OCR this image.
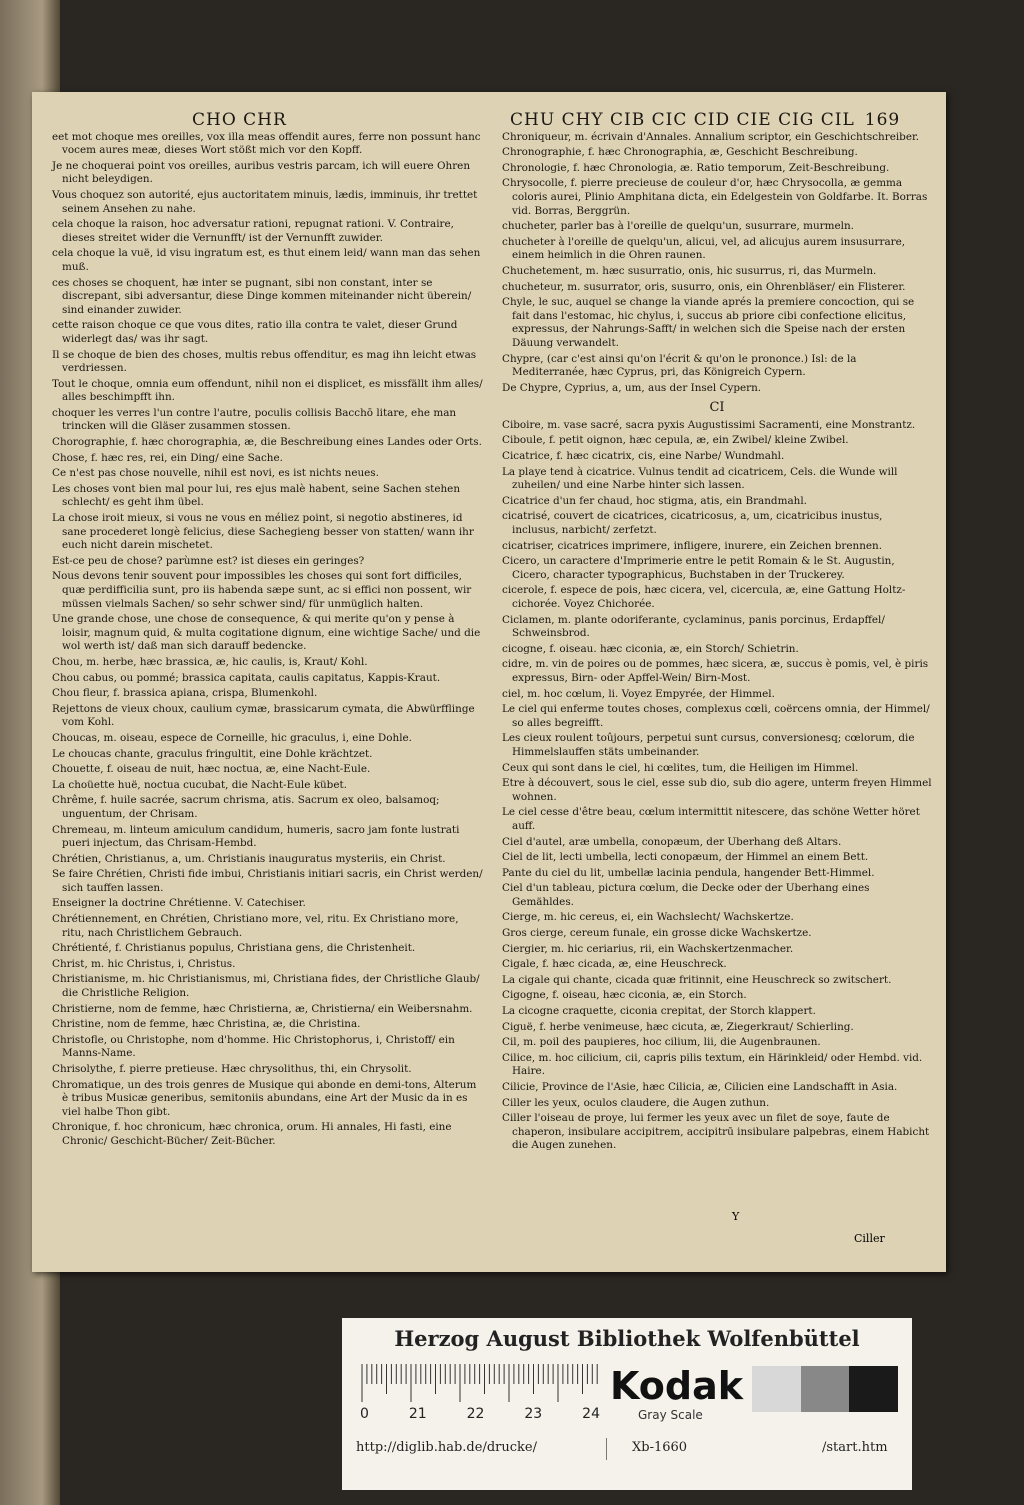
CHO CHR
eet mot choque mes oreilles, vox illa meas offendit aures, ferre non possunt hanc vocem aures meæ, dieses Wort stößt mich vor den Kopff.
Je ne choquerai point vos oreilles, auribus vestris parcam, ich will euere Ohren nicht beleydigen.
Vous choquez son autorité, ejus auctoritatem minuis, lædis, imminuis, ihr trettet seinem Ansehen zu nahe.
cela choque la raison, hoc adversatur rationi, repugnat rationi. V. Contraire, dieses streitet wider die Vernunfft/ ist der Vernunfft zuwider.
cela choque la vuë, id visu ingratum est, es thut einem leid/ wann man das sehen muß.
ces choses se choquent, hæ inter se pugnant, sibi non constant, inter se discrepant, sibi adversantur, diese Dinge kommen miteinander nicht überein/ sind einander zuwider.
cette raison choque ce que vous dites, ratio illa contra te valet, dieser Grund widerlegt das/ was ihr sagt.
Il se choque de bien des choses, multis rebus offenditur, es mag ihn leicht etwas verdriessen.
Tout le choque, omnia eum offendunt, nihil non ei displicet, es missfällt ihm alles/ alles beschimpfft ihn.
choquer les verres l'un contre l'autre, poculis collisis Bacchō litare, ehe man trincken will die Gläser zusammen stossen.
Chorographie, f. hæc chorographia, æ, die Beschreibung eines Landes oder Orts.
Chose, f. hæc res, rei, ein Ding/ eine Sache.
Ce n'est pas chose nouvelle, nihil est novi, es ist nichts neues.
Les choses vont bien mal pour lui, res ejus malè habent, seine Sachen stehen schlecht/ es geht ihm übel.
La chose iroit mieux, si vous ne vous en méliez point, si negotio abstineres, id sane procederet longè felicius, diese Sachegieng besser von statten/ wann ihr euch nicht darein mischetet.
Est-ce peu de chose? parùmne est? ist dieses ein geringes?
Nous devons tenir souvent pour impossibles les choses qui sont fort difficiles, quæ perdifficilia sunt, pro iis habenda sæpe sunt, ac si effici non possent, wir müssen vielmals Sachen/ so sehr schwer sind/ für unmüglich halten.
Une grande chose, une chose de consequence, & qui merite qu'on y pense à loisir, magnum quid, & multa cogitatione dignum, eine wichtige Sache/ und die wol werth ist/ daß man sich darauff bedencke.
Chou, m. herbe, hæc brassica, æ, hic caulis, is, Kraut/ Kohl.
Chou cabus, ou pommé; brassica capitata, caulis capitatus, Kappis-Kraut.
Chou fleur, f. brassica apiana, crispa, Blumenkohl.
Rejettons de vieux choux, caulium cymæ, brassicarum cymata, die Abwürfflinge vom Kohl.
Choucas, m. oiseau, espece de Corneille, hic graculus, i, eine Dohle.
Le choucas chante, graculus fringultit, eine Dohle krächtzet.
Chouette, f. oiseau de nuit, hæc noctua, æ, eine Nacht-Eule.
La choüette huë, noctua cucubat, die Nacht-Eule kübet.
Chrême, f. huile sacrée, sacrum chrisma, atis. Sacrum ex oleo, balsamoq; unguentum, der Chrisam.
Chremeau, m. linteum amiculum candidum, humeris, sacro jam fonte lustrati pueri injectum, das Chrisam-Hembd.
Chrétien, Christianus, a, um. Christianis inauguratus mysteriis, ein Christ.
Se faire Chrétien, Christi fide imbui, Christianis initiari sacris, ein Christ werden/ sich tauffen lassen.
Enseigner la doctrine Chrétienne. V. Catechiser.
Chrétiennement, en Chrétien, Christiano more, vel, ritu. Ex Christiano more, ritu, nach Christlichem Gebrauch.
Chrétienté, f. Christianus populus, Christiana gens, die Christenheit.
Christ, m. hic Christus, i, Christus.
Christianisme, m. hic Christianismus, mi, Christiana fides, der Christliche Glaub/ die Christliche Religion.
Christierne, nom de femme, hæc Christierna, æ, Christierna/ ein Weibersnahm.
Christine, nom de femme, hæc Christina, æ, die Christina.
Christofle, ou Christophe, nom d'homme. Hic Christophorus, i, Christoff/ ein Manns-Name.
Chrisolythe, f. pierre pretieuse. Hæc chrysolithus, thi, ein Chrysolit.
Chromatique, un des trois genres de Musique qui abonde en demi-tons, Alterum è tribus Musicæ generibus, semitoniis abundans, eine Art der Music da in es viel halbe Thon gibt.
Chronique, f. hoc chronicum, hæc chronica, orum. Hi annales, Hi fasti, eine Chronic/ Geschicht-Bücher/ Zeit-Bücher.
CHU CHY CIB CIC CID CIE CIG CIL 169
Chroniqueur, m. écrivain d'Annales. Annalium scriptor, ein Geschichtschreiber.
Chronographie, f. hæc Chronographia, æ, Geschicht Beschreibung.
Chronologie, f. hæc Chronologia, æ. Ratio temporum, Zeit-Beschreibung.
Chrysocolle, f. pierre precieuse de couleur d'or, hæc Chrysocolla, æ gemma coloris aurei, Plinio Amphitana dicta, ein Edelgestein von Goldfarbe. It. Borras vid. Borras, Berggrün.
chucheter, parler bas à l'oreille de quelqu'un, susurrare, murmeln.
chucheter à l'oreille de quelqu'un, alicui, vel, ad alicujus aurem insusurrare, einem heimlich in die Ohren raunen.
Chuchetement, m. hæc susurratio, onis, hic susurrus, ri, das Murmeln.
chucheteur, m. susurrator, oris, susurro, onis, ein Ohrenbläser/ ein Flisterer.
Chyle, le suc, auquel se change la viande aprés la premiere concoction, qui se fait dans l'estomac, hic chylus, i, succus ab priore cibi confectione elicitus, expressus, der Nahrungs-Safft/ in welchen sich die Speise nach der ersten Däuung verwandelt.
Chypre, (car c'est ainsi qu'on l'écrit & qu'on le prononce.) Isl: de la Mediterranée, hæc Cyprus, pri, das Königreich Cypern.
De Chypre, Cyprius, a, um, aus der Insel Cypern.
CI
Ciboire, m. vase sacré, sacra pyxis Augustissimi Sacramenti, eine Monstrantz.
Ciboule, f. petit oignon, hæc cepula, æ, ein Zwibel/ kleine Zwibel.
Cicatrice, f. hæc cicatrix, cis, eine Narbe/ Wundmahl.
La playe tend à cicatrice. Vulnus tendit ad cicatricem, Cels. die Wunde will zuheilen/ und eine Narbe hinter sich lassen.
Cicatrice d'un fer chaud, hoc stigma, atis, ein Brandmahl.
cicatrisé, couvert de cicatrices, cicatricosus, a, um, cicatricibus inustus, inclusus, narbicht/ zerfetzt.
cicatriser, cicatrices imprimere, infligere, inurere, ein Zeichen brennen.
Cicero, un caractere d'Imprimerie entre le petit Romain & le St. Augustin, Cicero, character typographicus, Buchstaben in der Truckerey.
cicerole, f. espece de pois, hæc cicera, vel, cicercula, æ, eine Gattung Holtz-cichorée. Voyez Chichorée.
Ciclamen, m. plante odoriferante, cyclaminus, panis porcinus, Erdapffel/ Schweinsbrod.
cicogne, f. oiseau. hæc ciconia, æ, ein Storch/ Schietrin.
cidre, m. vin de poires ou de pommes, hæc sicera, æ, succus è pomis, vel, è piris expressus, Birn- oder Apffel-Wein/ Birn-Most.
ciel, m. hoc cœlum, li. Voyez Empyrée, der Himmel.
Le ciel qui enferme toutes choses, complexus cœli, coërcens omnia, der Himmel/ so alles begreifft.
Les cieux roulent toûjours, perpetui sunt cursus, conversionesq; cœlorum, die Himmelslauffen stäts umbeinander.
Ceux qui sont dans le ciel, hi cœlites, tum, die Heiligen im Himmel.
Etre à découvert, sous le ciel, esse sub dio, sub dio agere, unterm freyen Himmel wohnen.
Le ciel cesse d'être beau, cœlum intermittit nitescere, das schöne Wetter höret auff.
Ciel d'autel, aræ umbella, conopæum, der Uberhang deß Altars.
Ciel de lit, lecti umbella, lecti conopæum, der Himmel an einem Bett.
Pante du ciel du lit, umbellæ lacinia pendula, hangender Bett-Himmel.
Ciel d'un tableau, pictura cœlum, die Decke oder der Uberhang eines Gemähldes.
Cierge, m. hic cereus, ei, ein Wachslecht/ Wachskertze.
Gros cierge, cereum funale, ein grosse dicke Wachskertze.
Ciergier, m. hic ceriarius, rii, ein Wachskertzenmacher.
Cigale, f. hæc cicada, æ, eine Heuschreck.
La cigale qui chante, cicada quæ fritinnit, eine Heuschreck so zwitschert.
Cigogne, f. oiseau, hæc ciconia, æ, ein Storch.
La cicogne craquette, ciconia crepitat, der Storch klappert.
Ciguë, f. herbe venimeuse, hæc cicuta, æ, Ziegerkraut/ Schierling.
Cil, m. poil des paupieres, hoc cilium, lii, die Augenbraunen.
Cilice, m. hoc cilicium, cii, capris pilis textum, ein Härinkleid/ oder Hembd. vid. Haire.
Cilicie, Province de l'Asie, hæc Cilicia, æ, Cilicien eine Landschafft in Asia.
Ciller les yeux, oculos claudere, die Augen zuthun.
Ciller l'oiseau de proye, lui fermer les yeux avec un filet de soye, faute de chaperon, insibulare accipitrem, accipitrū insibulare palpebras, einem Habicht die Augen zunehen.
Y
Ciller
Herzog August Bibliothek Wolfenbüttel
0	21	22	23	24
Kodak
Gray Scale
http://diglib.hab.de/drucke/	Xb-1660	/start.htm
